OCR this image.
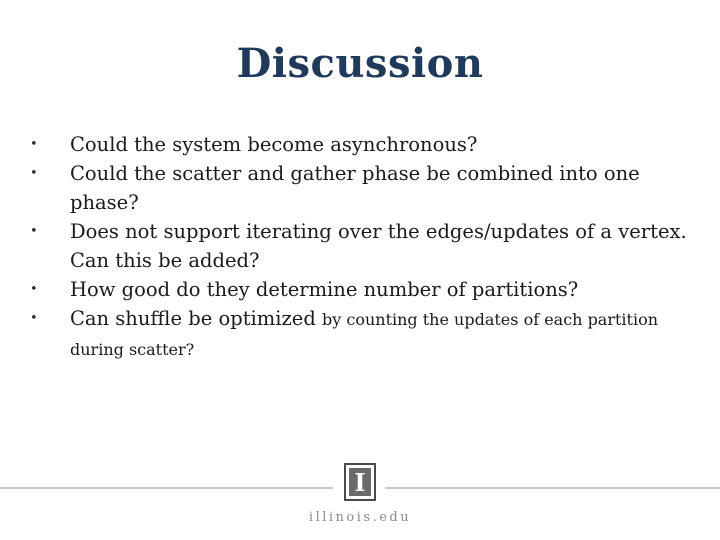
Discussion
•	Could the system become asynchronous?
•	Could the scatter and gather phase be combined into one phase?
•	Does not support iterating over the edges/updates of a vertex. Can this be added?
•	How good do they determine number of partitions?
•	Can shuffle be optimized by counting the updates of each partition during scatter?
I
illinois.edu
